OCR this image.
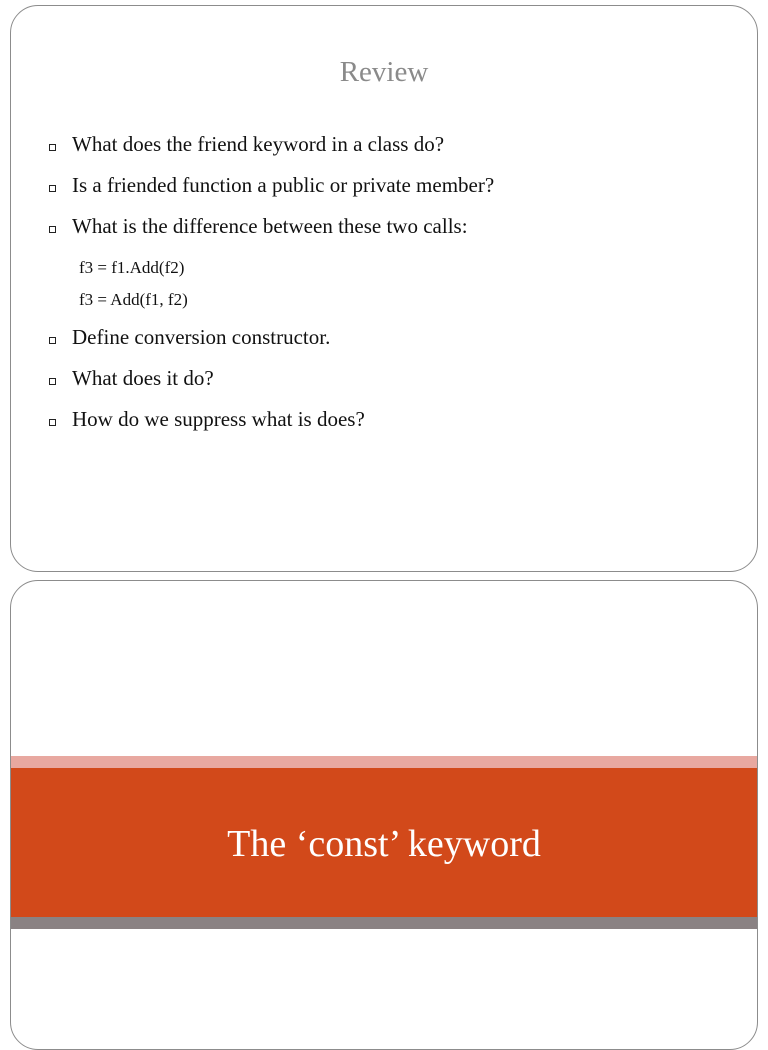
Review
What does the friend keyword in a class do?
Is a friended function a public or private member?
What is the difference between these two calls:
f3 = f1.Add(f2)
f3 = Add(f1, f2)
Define conversion constructor.
What does it do?
How do we suppress what is does?
The ‘const’ keyword
